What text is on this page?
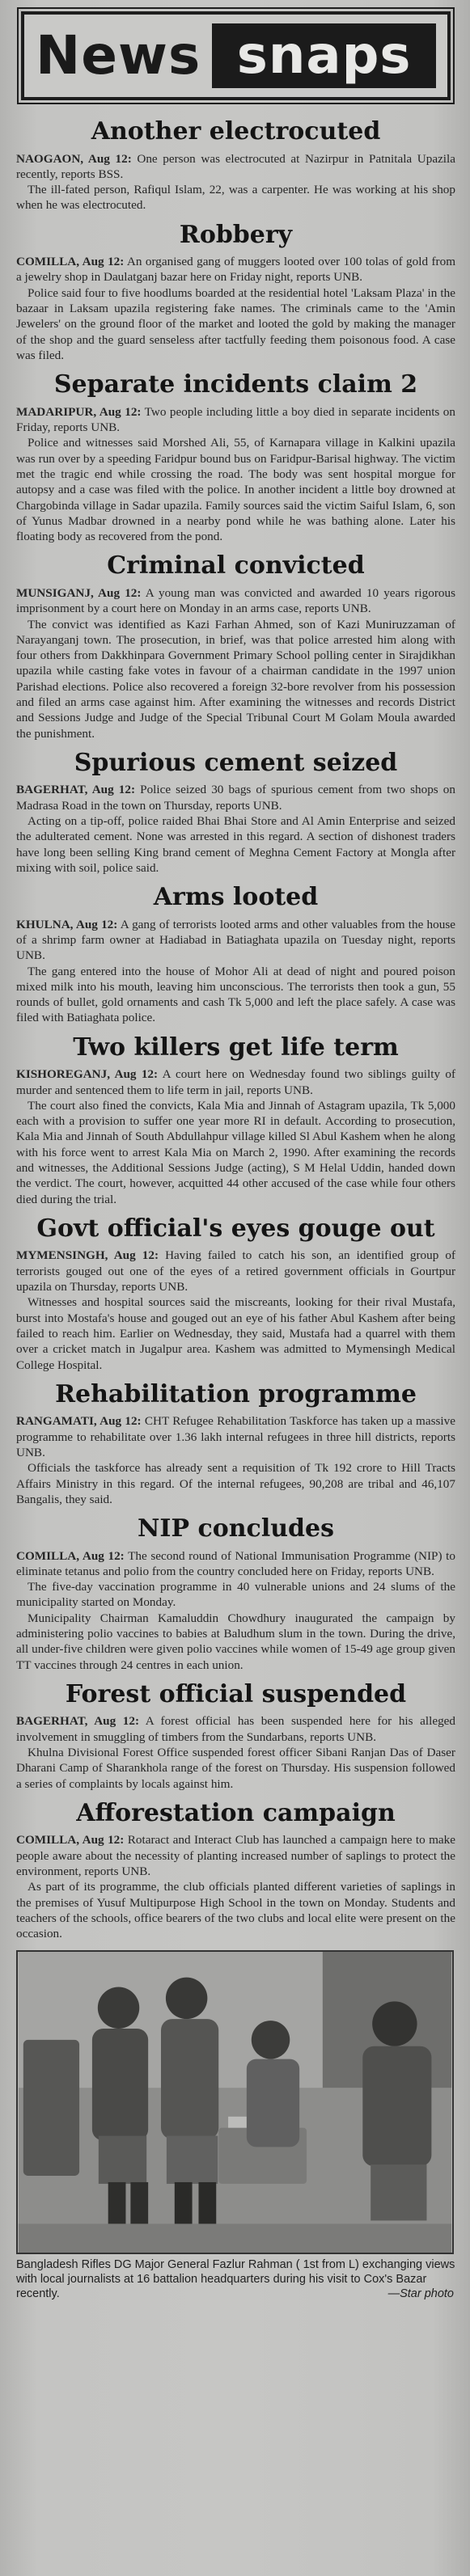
News snaps
Another electrocuted

NAOGAON, Aug 12: One person was electrocuted at Nazirpur in Patnitala Upazila recently, reports BSS.

The ill-fated person, Rafiqul Islam, 22, was a carpenter. He was working at his shop when he was electrocuted.

Robbery

COMILLA, Aug 12: An organised gang of muggers looted over 100 tolas of gold from a jewelry shop in Daulatganj bazar here on Friday night, reports UNB.

Police said four to five hoodlums boarded at the residential hotel 'Laksam Plaza' in the bazaar in Laksam upazila registering fake names. The criminals came to the 'Amin Jewelers' on the ground floor of the market and looted the gold by making the manager of the shop and the guard senseless after tactfully feeding them poisonous food. A case was filed.

Separate incidents claim 2

MADARIPUR, Aug 12: Two people including little a boy died in separate incidents on Friday, reports UNB.

Police and witnesses said Morshed Ali, 55, of Karnapara village in Kalkini upazila was run over by a speeding Faridpur bound bus on Faridpur-Barisal highway. The victim met the tragic end while crossing the road. The body was sent hospital morgue for autopsy and a case was filed with the police. In another incident a little boy drowned at Chargobinda village in Sadar upazila. Family sources said the victim Saiful Islam, 6, son of Yunus Madbar drowned in a nearby pond while he was bathing alone. Later his floating body as recovered from the pond.

Criminal convicted

MUNSIGANJ, Aug 12: A young man was convicted and awarded 10 years rigorous imprisonment by a court here on Monday in an arms case, reports UNB.

The convict was identified as Kazi Farhan Ahmed, son of Kazi Muniruzzaman of Narayanganj town. The prosecution, in brief, was that police arrested him along with four others from Dakkhinpara Government Primary School polling center in Sirajdikhan upazila while casting fake votes in favour of a chairman candidate in the 1997 union Parishad elections. Police also recovered a foreign 32-bore revolver from his possession and filed an arms case against him. After examining the witnesses and records District and Sessions Judge and Judge of the Special Tribunal Court M Golam Moula awarded the punishment.

Spurious cement seized

BAGERHAT, Aug 12: Police seized 30 bags of spurious cement from two shops on Madrasa Road in the town on Thursday, reports UNB.

Acting on a tip-off, police raided Bhai Bhai Store and Al Amin Enterprise and seized the adulterated cement. None was arrested in this regard. A section of dishonest traders have long been selling King brand cement of Meghna Cement Factory at Mongla after mixing with soil, police said.

Arms looted

KHULNA, Aug 12: A gang of terrorists looted arms and other valuables from the house of a shrimp farm owner at Hadiabad in Batiaghata upazila on Tuesday night, reports UNB.

The gang entered into the house of Mohor Ali at dead of night and poured poison mixed milk into his mouth, leaving him unconscious. The terrorists then took a gun, 55 rounds of bullet, gold ornaments and cash Tk 5,000 and left the place safely. A case was filed with Batiaghata police.

Two killers get life term

KISHOREGANJ, Aug 12: A court here on Wednesday found two siblings guilty of murder and sentenced them to life term in jail, reports UNB.

The court also fined the convicts, Kala Mia and Jinnah of Astagram upazila, Tk 5,000 each with a provision to suffer one year more RI in default. According to prosecution, Kala Mia and Jinnah of South Abdullahpur village killed Sl Abul Kashem when he along with his force went to arrest Kala Mia on March 2, 1990. After examining the records and witnesses, the Additional Sessions Judge (acting), S M Helal Uddin, handed down the verdict. The court, however, acquitted 44 other accused of the case while four others died during the trial.

Govt official's eyes gouge out

MYMENSINGH, Aug 12: Having failed to catch his son, an identified group of terrorists gouged out one of the eyes of a retired government officials in Gourtpur upazila on Thursday, reports UNB.

Witnesses and hospital sources said the miscreants, looking for their rival Mustafa, burst into Mostafa's house and gouged out an eye of his father Abul Kashem after being failed to reach him. Earlier on Wednesday, they said, Mustafa had a quarrel with them over a cricket match in Jugalpur area. Kashem was admitted to Mymensingh Medical College Hospital.

Rehabilitation programme

RANGAMATI, Aug 12: CHT Refugee Rehabilitation Taskforce has taken up a massive programme to rehabilitate over 1.36 lakh internal refugees in three hill districts, reports UNB.

Officials the taskforce has already sent a requisition of Tk 192 crore to Hill Tracts Affairs Ministry in this regard. Of the internal refugees, 90,208 are tribal and 46,107 Bangalis, they said.

NIP concludes

COMILLA, Aug 12: The second round of National Immunisation Programme (NIP) to eliminate tetanus and polio from the country concluded here on Friday, reports UNB.

The five-day vaccination programme in 40 vulnerable unions and 24 slums of the municipality started on Monday.

Municipality Chairman Kamaluddin Chowdhury inaugurated the campaign by administering polio vaccines to babies at Baludhum slum in the town. During the drive, all under-five children were given polio vaccines while women of 15-49 age group given TT vaccines through 24 centres in each union.

Forest official suspended

BAGERHAT, Aug 12: A forest official has been suspended here for his alleged involvement in smuggling of timbers from the Sundarbans, reports UNB.

Khulna Divisional Forest Office suspended forest officer Sibani Ranjan Das of Daser Dharani Camp of Sharankhola range of the forest on Thursday. His suspension followed a series of complaints by locals against him.

Afforestation campaign

COMILLA, Aug 12: Rotaract and Interact Club has launched a campaign here to make people aware about the necessity of planting increased number of saplings to protect the environment, reports UNB.

As part of its programme, the club officials planted different varieties of saplings in the premises of Yusuf Multipurpose High School in the town on Monday. Students and teachers of the schools, office bearers of the two clubs and local elite were present on the occasion.

Bangladesh Rifles DG Major General Fazlur Rahman ( 1st from L) exchanging views with local journalists at 16 battalion headquarters during his visit to Cox's Bazar recently.	—Star photo
